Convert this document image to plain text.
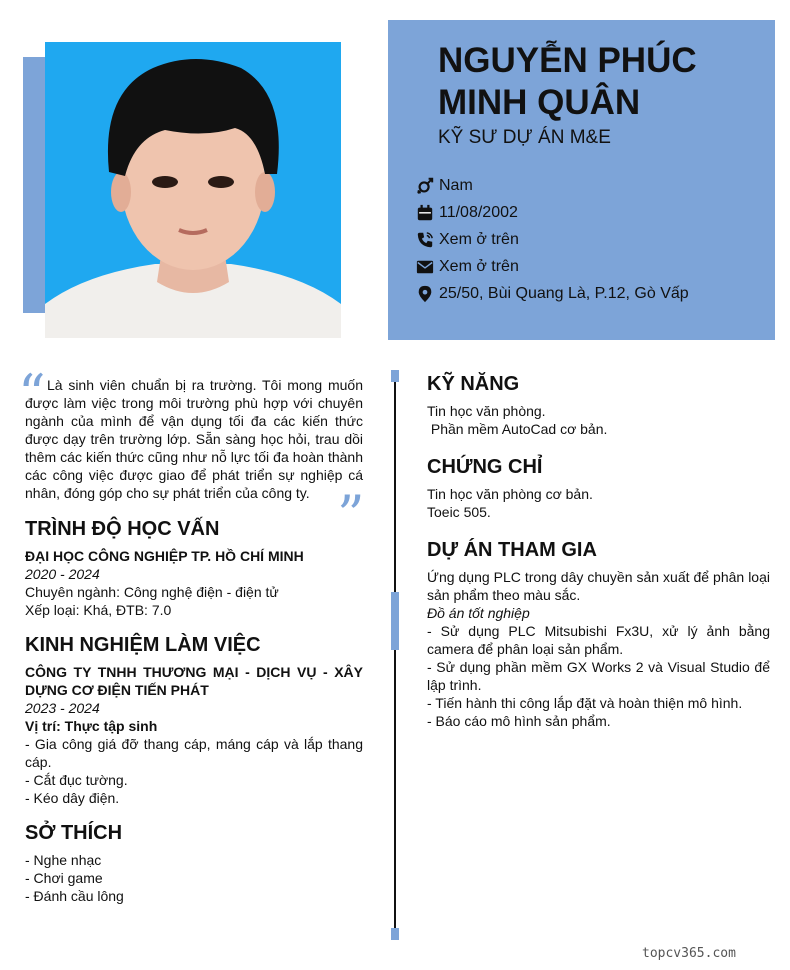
NGUYỄN PHÚC MINH QUÂN
KỸ SƯ DỰ ÁN M&E
Nam
11/08/2002
Xem ở trên
Xem ở trên
25/50, Bùi Quang Là, P.12, Gò Vấp
“ Là sinh viên chuẩn bị ra trường. Tôi mong muốn được làm việc trong môi trường phù hợp với chuyên ngành của mình để vận dụng tối đa các kiến thức được dạy trên trường lớp. Sẵn sàng học hỏi, trau dồi thêm các kiến thức cũng như nỗ lực tối đa hoàn thành các công việc được giao để phát triển sự nghiệp cá nhân, đóng góp cho sự phát triển của công ty. ”
TRÌNH ĐỘ HỌC VẤN
ĐẠI HỌC CÔNG NGHIỆP TP. HỒ CHÍ MINH
2020 - 2024
Chuyên ngành: Công nghệ điện - điện tử
Xếp loại: Khá, ĐTB: 7.0
KINH NGHIỆM LÀM VIỆC
CÔNG TY TNHH THƯƠNG MẠI - DỊCH VỤ - XÂY DỰNG CƠ ĐIỆN TIẾN PHÁT
2023 - 2024
Vị trí: Thực tập sinh
- Gia công giá đỡ thang cáp, máng cáp và lắp thang cáp.
- Cắt đục tường.
- Kéo dây điện.
SỞ THÍCH
- Nghe nhạc
- Chơi game
- Đánh cầu lông
KỸ NĂNG
Tin học văn phòng.
Phần mềm AutoCad cơ bản.
CHỨNG CHỈ
Tin học văn phòng cơ bản.
Toeic 505.
DỰ ÁN THAM GIA
Ứng dụng PLC trong dây chuyền sản xuất để phân loại sản phẩm theo màu sắc.
Đồ án tốt nghiệp
- Sử dụng PLC Mitsubishi Fx3U, xử lý ảnh bằng camera để phân loại sản phẩm.
- Sử dụng phần mềm GX Works 2 và Visual Studio để lập trình.
- Tiến hành thi công lắp đặt và hoàn thiện mô hình.
- Báo cáo mô hình sản phẩm.
topcv365.com
